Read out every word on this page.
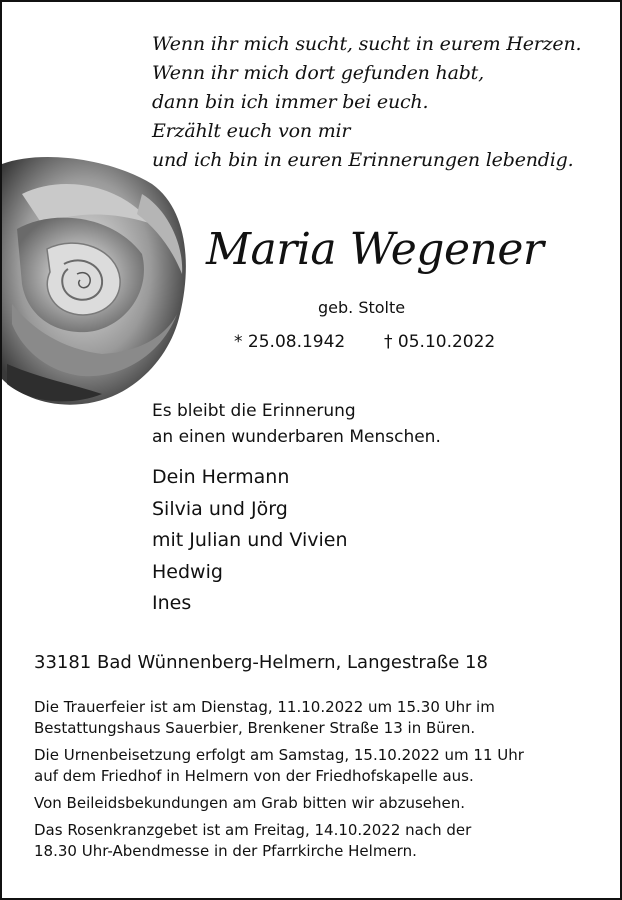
Wenn ihr mich sucht, sucht in eurem Herzen.
Wenn ihr mich dort gefunden habt,
dann bin ich immer bei euch.
Erzählt euch von mir
und ich bin in euren Erinnerungen lebendig.
Maria Wegener
geb. Stolte
* 25.08.1942 † 05.10.2022
Es bleibt die Erinnerung
an einen wunderbaren Menschen.
Dein Hermann
Silvia und Jörg
mit Julian und Vivien
Hedwig
Ines
33181 Bad Wünnenberg-Helmern, Langestraße 18

Die Trauerfeier ist am Dienstag, 11.10.2022 um 15.30 Uhr im
Bestattungshaus Sauerbier, Brenkener Straße 13 in Büren.

Die Urnenbeisetzung erfolgt am Samstag, 15.10.2022 um 11 Uhr
auf dem Friedhof in Helmern von der Friedhofskapelle aus.

Von Beileidsbekundungen am Grab bitten wir abzusehen.

Das Rosenkranzgebet ist am Freitag, 14.10.2022 nach der
18.30 Uhr-Abendmesse in der Pfarrkirche Helmern.
